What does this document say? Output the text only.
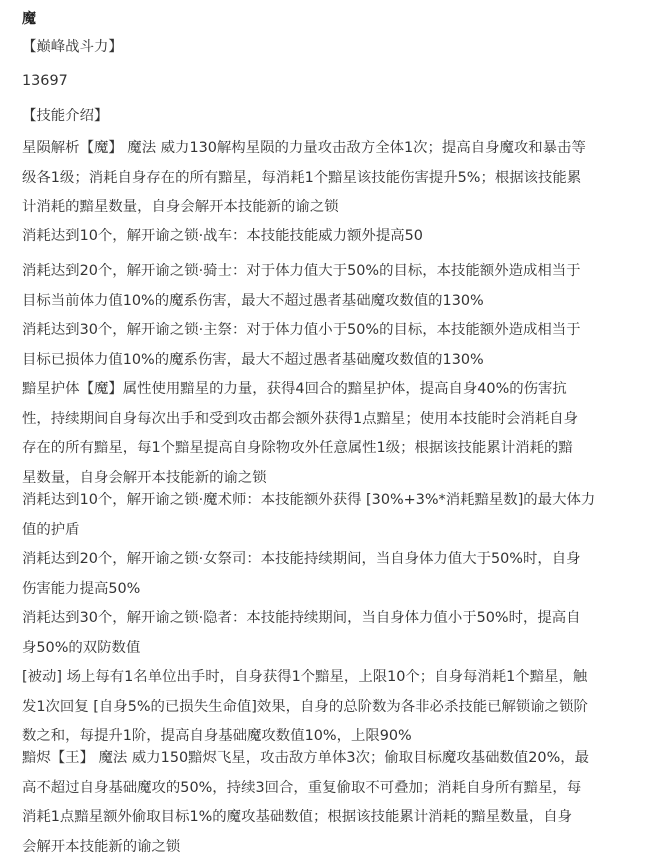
魔
【巅峰战斗力】
13697
【技能介绍】
星陨解析【魔】 魔法 威力130解构星陨的力量攻击敌方全体1次；提高自身魔攻和暴击等
级各1级；消耗自身存在的所有黯星，每消耗1个黯星该技能伤害提升5%；根据该技能累
计消耗的黯星数量，自身会解开本技能新的谕之锁
消耗达到10个，解开谕之锁·战车：本技能技能威力额外提高50
消耗达到20个，解开谕之锁·骑士：对于体力值大于50%的目标，本技能额外造成相当于
目标当前体力值10%的魔系伤害，最大不超过愚者基础魔攻数值的130%
消耗达到30个，解开谕之锁·主祭：对于体力值小于50%的目标，本技能额外造成相当于
目标已损体力值10%的魔系伤害，最大不超过愚者基础魔攻数值的130%
黯星护体【魔】属性使用黯星的力量，获得4回合的黯星护体，提高自身40%的伤害抗
性，持续期间自身每次出手和受到攻击都会额外获得1点黯星；使用本技能时会消耗自身
存在的所有黯星，每1个黯星提高自身除物攻外任意属性1级；根据该技能累计消耗的黯
星数量，自身会解开本技能新的谕之锁
消耗达到10个，解开谕之锁·魔术师：本技能额外获得 [30%+3%*消耗黯星数]的最大体力
值的护盾
消耗达到20个，解开谕之锁·女祭司：本技能持续期间，当自身体力值大于50%时，自身
伤害能力提高50%
消耗达到30个，解开谕之锁·隐者：本技能持续期间，当自身体力值小于50%时，提高自
身50%的双防数值
[被动] 场上每有1名单位出手时，自身获得1个黯星，上限10个；自身每消耗1个黯星，触
发1次回复 [自身5%的已损失生命值]效果，自身的总阶数为各非必杀技能已解锁谕之锁阶
数之和，每提升1阶，提高自身基础魔攻数值10%，上限90%
黯烬【王】 魔法 威力150黯烬飞星，攻击敌方单体3次；偷取目标魔攻基础数值20%，最
高不超过自身基础魔攻的50%，持续3回合，重复偷取不可叠加；消耗自身所有黯星，每
消耗1点黯星额外偷取目标1%的魔攻基础数值；根据该技能累计消耗的黯星数量，自身
会解开本技能新的谕之锁
